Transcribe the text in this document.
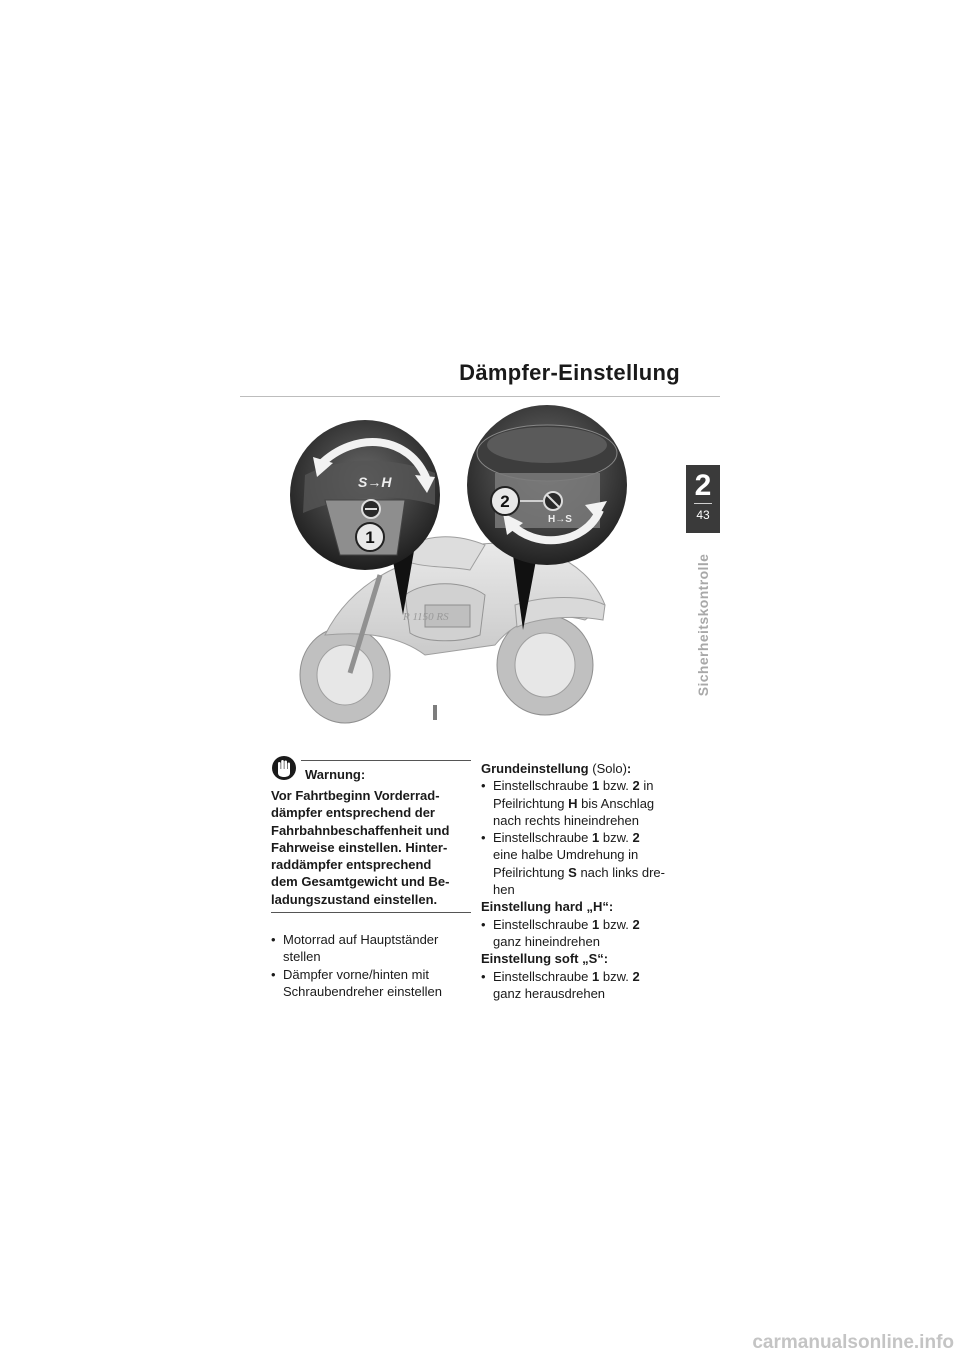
Dämpfer-Einstellung
2
43
Sicherheitskontrolle
R 1150 RS
S→H
1
H→S
2
Warnung:
Vor Fahrtbeginn Vorderrad-
dämpfer entsprechend der
Fahrbahnbeschaffenheit und
Fahrweise einstellen. Hinter-
raddämpfer entsprechend
dem Gesamtgewicht und Be-
ladungszustand einstellen.
• Motorrad auf Hauptständer
stellen
• Dämpfer vorne/hinten mit
Schraubendreher einstellen
Grundeinstellung (Solo):
• Einstellschraube 1 bzw. 2 in
Pfeilrichtung H bis Anschlag
nach rechts hineindrehen
• Einstellschraube 1 bzw. 2
eine halbe Umdrehung in
Pfeilrichtung S nach links dre-
hen
Einstellung hard „H“:
• Einstellschraube 1 bzw. 2
ganz hineindrehen
Einstellung soft „S“:
• Einstellschraube 1 bzw. 2
ganz herausdrehen
carmanualsonline.info
